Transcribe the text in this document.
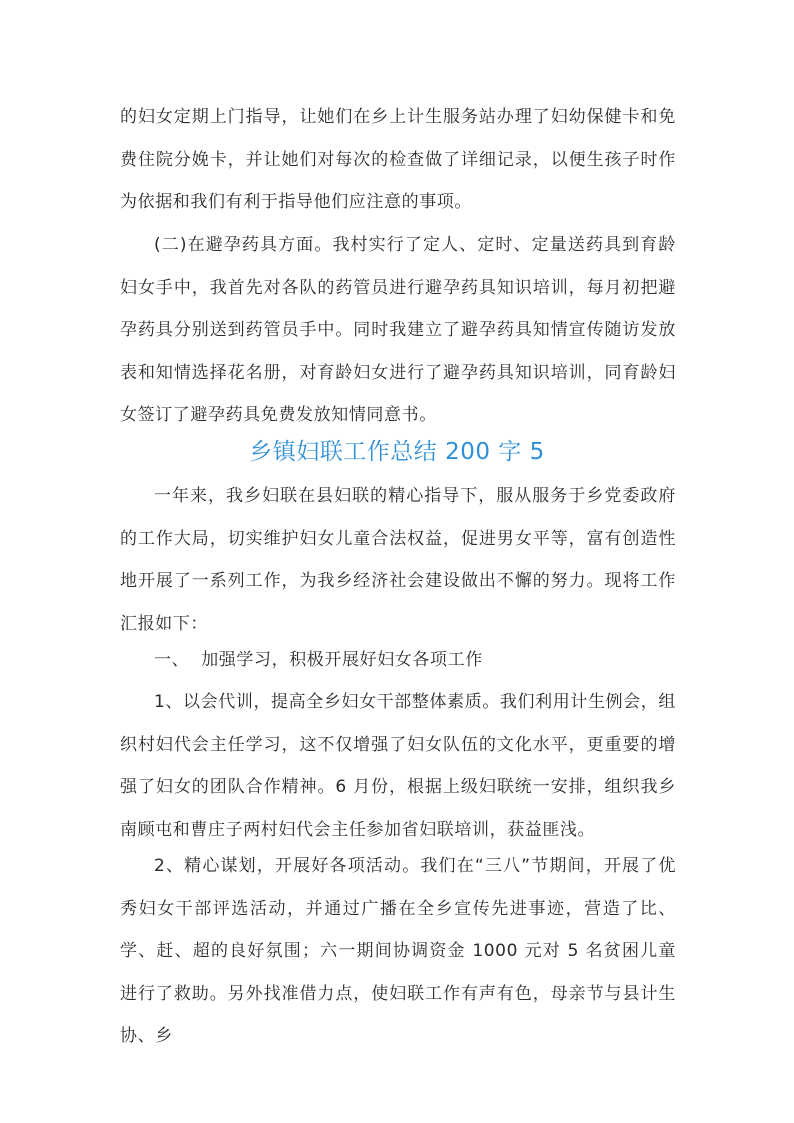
的妇女定期上门指导，让她们在乡上计生服务站办理了妇幼保健卡和免费住院分娩卡，并让她们对每次的检查做了详细记录，以便生孩子时作为依据和我们有利于指导他们应注意的事项。

(二)在避孕药具方面。我村实行了定人、定时、定量送药具到育龄妇女手中，我首先对各队的药管员进行避孕药具知识培训，每月初把避孕药具分别送到药管员手中。同时我建立了避孕药具知情宣传随访发放表和知情选择花名册，对育龄妇女进行了避孕药具知识培训，同育龄妇女签订了避孕药具免费发放知情同意书。

乡镇妇联工作总结 200 字 5

一年来，我乡妇联在县妇联的精心指导下，服从服务于乡党委政府的工作大局，切实维护妇女儿童合法权益，促进男女平等，富有创造性地开展了一系列工作，为我乡经济社会建设做出不懈的努力。现将工作汇报如下：

一、  加强学习，积极开展好妇女各项工作

1、以会代训，提高全乡妇女干部整体素质。我们利用计生例会，组织村妇代会主任学习，这不仅增强了妇女队伍的文化水平，更重要的增强了妇女的团队合作精神。6 月份，根据上级妇联统一安排，组织我乡南顾屯和曹庄子两村妇代会主任参加省妇联培训，获益匪浅。

2、精心谋划，开展好各项活动。我们在“三八”节期间，开展了优秀妇女干部评选活动，并通过广播在全乡宣传先进事迹，营造了比、学、赶、超的良好氛围；六一期间协调资金 1000 元对 5 名贫困儿童进行了救助。另外找准借力点，使妇联工作有声有色，母亲节与县计生协、乡
